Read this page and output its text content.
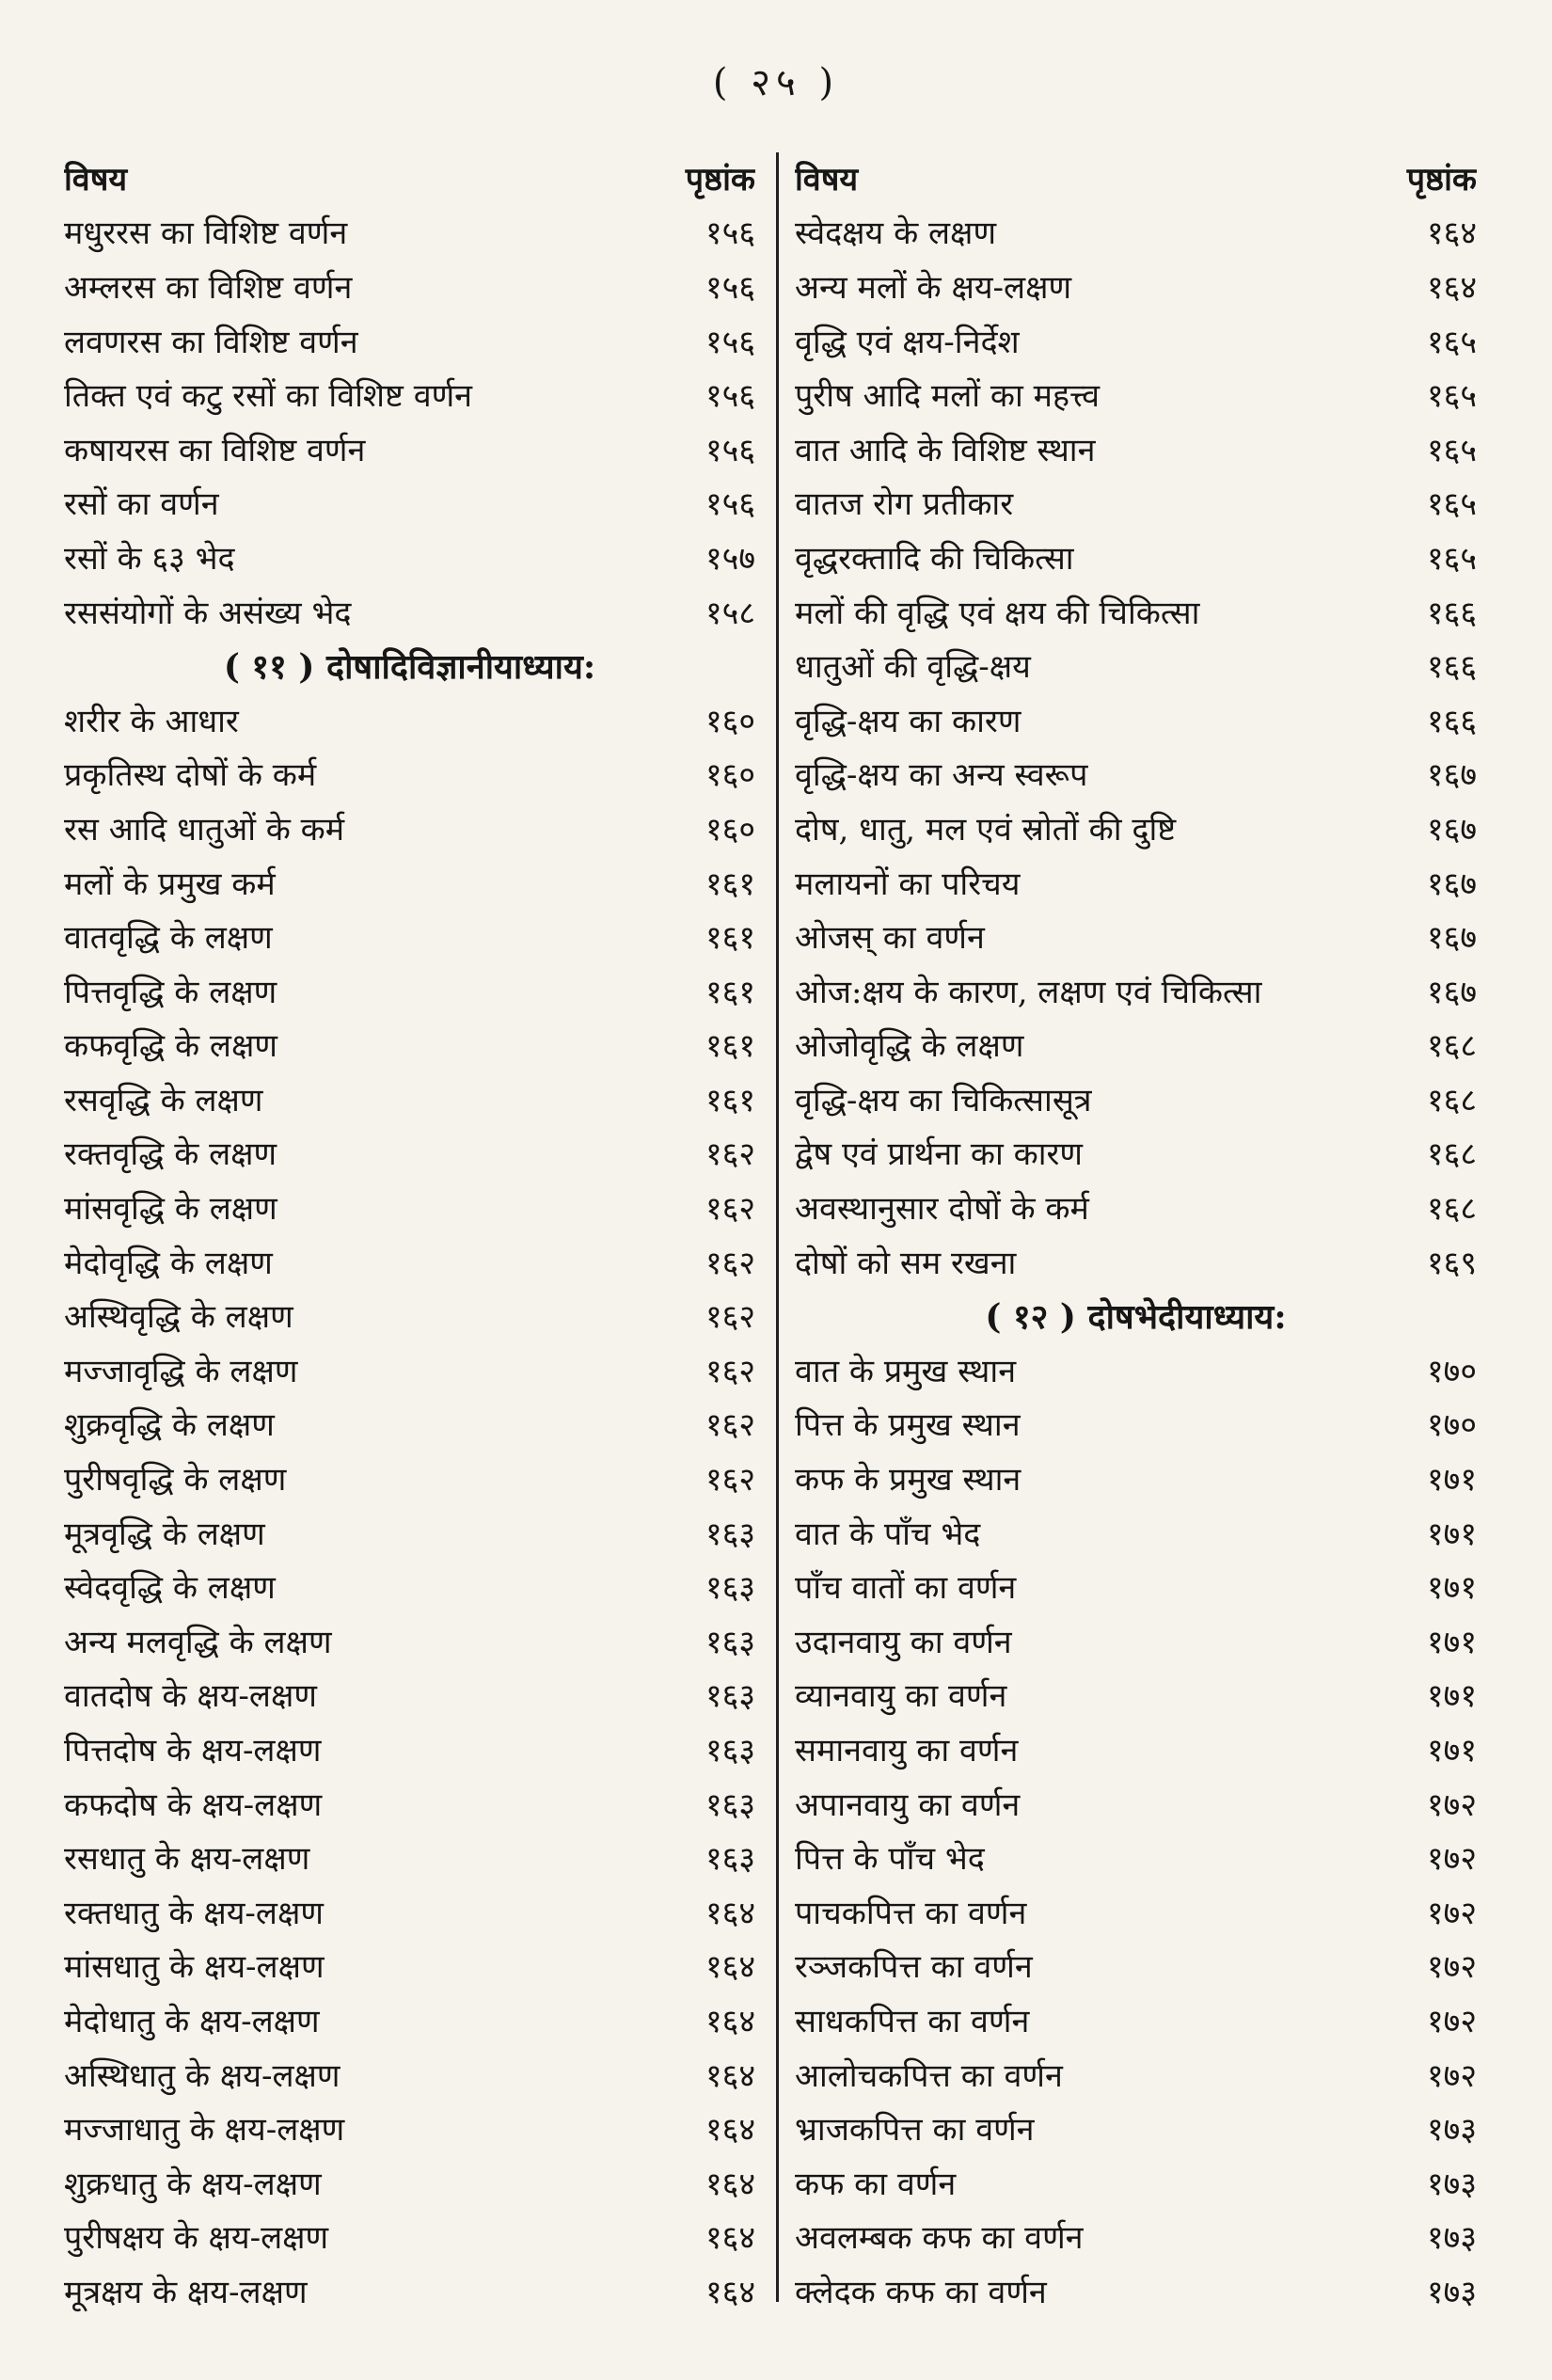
( २५ )
विषय	पृष्ठांक
मधुररस का विशिष्ट वर्णन	१५६
अम्लरस का विशिष्ट वर्णन	१५६
लवणरस का विशिष्ट वर्णन	१५६
तिक्त एवं कटु रसों का विशिष्ट वर्णन	१५६
कषायरस का विशिष्ट वर्णन	१५६
रसों का वर्णन	१५६
रसों के ६३ भेद	१५७
रससंयोगों के असंख्य भेद	१५८
( ११ ) दोषादिविज्ञानीयाध्याय:
शरीर के आधार	१६०
प्रकृतिस्थ दोषों के कर्म	१६०
रस आदि धातुओं के कर्म	१६०
मलों के प्रमुख कर्म	१६१
वातवृद्धि के लक्षण	१६१
पित्तवृद्धि के लक्षण	१६१
कफवृद्धि के लक्षण	१६१
रसवृद्धि के लक्षण	१६१
रक्तवृद्धि के लक्षण	१६२
मांसवृद्धि के लक्षण	१६२
मेदोवृद्धि के लक्षण	१६२
अस्थिवृद्धि के लक्षण	१६२
मज्जावृद्धि के लक्षण	१६२
शुक्रवृद्धि के लक्षण	१६२
पुरीषवृद्धि के लक्षण	१६२
मूत्रवृद्धि के लक्षण	१६३
स्वेदवृद्धि के लक्षण	१६३
अन्य मलवृद्धि के लक्षण	१६३
वातदोष के क्षय-लक्षण	१६३
पित्तदोष के क्षय-लक्षण	१६३
कफदोष के क्षय-लक्षण	१६३
रसधातु के क्षय-लक्षण	१६३
रक्तधातु के क्षय-लक्षण	१६४
मांसधातु के क्षय-लक्षण	१६४
मेदोधातु के क्षय-लक्षण	१६४
अस्थिधातु के क्षय-लक्षण	१६४
मज्जाधातु के क्षय-लक्षण	१६४
शुक्रधातु के क्षय-लक्षण	१६४
पुरीषक्षय के क्षय-लक्षण	१६४
मूत्रक्षय के क्षय-लक्षण	१६४
विषय	पृष्ठांक
स्वेदक्षय के लक्षण	१६४
अन्य मलों के क्षय-लक्षण	१६४
वृद्धि एवं क्षय-निर्देश	१६५
पुरीष आदि मलों का महत्त्व	१६५
वात आदि के विशिष्ट स्थान	१६५
वातज रोग प्रतीकार	१६५
वृद्धरक्तादि की चिकित्सा	१६५
मलों की वृद्धि एवं क्षय की चिकित्सा	१६६
धातुओं की वृद्धि-क्षय	१६६
वृद्धि-क्षय का कारण	१६६
वृद्धि-क्षय का अन्य स्वरूप	१६७
दोष, धातु, मल एवं स्रोतों की दुष्टि	१६७
मलायनों का परिचय	१६७
ओजस् का वर्णन	१६७
ओज:क्षय के कारण, लक्षण एवं चिकित्सा	१६७
ओजोवृद्धि के लक्षण	१६८
वृद्धि-क्षय का चिकित्सासूत्र	१६८
द्वेष एवं प्रार्थना का कारण	१६८
अवस्थानुसार दोषों के कर्म	१६८
दोषों को सम रखना	१६९
( १२ ) दोषभेदीयाध्याय:
वात के प्रमुख स्थान	१७०
पित्त के प्रमुख स्थान	१७०
कफ के प्रमुख स्थान	१७१
वात के पाँच भेद	१७१
पाँच वातों का वर्णन	१७१
उदानवायु का वर्णन	१७१
व्यानवायु का वर्णन	१७१
समानवायु का वर्णन	१७१
अपानवायु का वर्णन	१७२
पित्त के पाँच भेद	१७२
पाचकपित्त का वर्णन	१७२
रञ्जकपित्त का वर्णन	१७२
साधकपित्त का वर्णन	१७२
आलोचकपित्त का वर्णन	१७२
भ्राजकपित्त का वर्णन	१७३
कफ का वर्णन	१७३
अवलम्बक कफ का वर्णन	१७३
क्लेदक कफ का वर्णन	१७३
